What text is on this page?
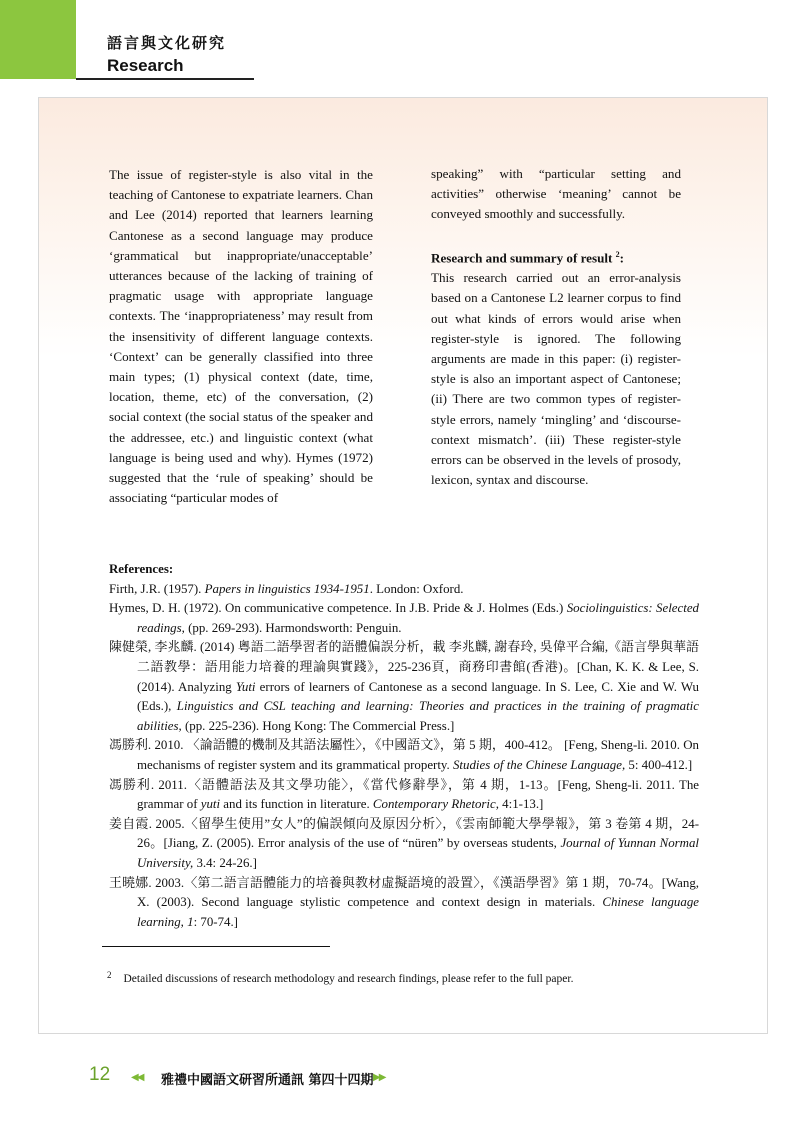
語言與文化研究
Research

The issue of register-style is also vital in the teaching of Cantonese to expatriate learners. Chan and Lee (2014) reported that learners learning Cantonese as a second language may produce ‘grammatical but inappropriate/unacceptable’ utterances because of the lacking of training of pragmatic usage with appropriate language contexts. The ‘inappropriateness’ may result from the insensitivity of different language contexts. ‘Context’ can be generally classified into three main types; (1) physical context (date, time, location, theme, etc) of the conversation, (2) social context (the social status of the speaker and the addressee, etc.) and linguistic context (what language is being used and why). Hymes (1972) suggested that the ‘rule of speaking’ should be associating “particular modes of

speaking” with “particular setting and activities” otherwise ‘meaning’ cannot be conveyed smoothly and successfully.

Research and summary of result $^2$:

This research carried out an error-analysis based on a Cantonese L2 learner corpus to find out what kinds of errors would arise when register-style is ignored. The following arguments are made in this paper: (i) register-style is also an important aspect of Cantonese; (ii) There are two common types of register-style errors, namely ‘mingling’ and ‘discourse-context mismatch’. (iii) These register-style errors can be observed in the levels of prosody, lexicon, syntax and discourse.

References:

Firth, J.R. (1957). Papers in linguistics 1934-1951. London: Oxford.

Hymes, D. H. (1972). On communicative competence. In J.B. Pride & J. Holmes (Eds.) Sociolinguistics: Selected readings, (pp. 269-293). Harmondsworth: Penguin.

陳健榮, 李兆麟. (2014) 粵語二語學習者的語體偏誤分析，載 李兆麟, 謝春玲, 吳偉平合編,《語言學與華語二語教學：語用能力培養的理論與實踐》，225-236頁，商務印書館(香港)。[Chan, K. K. & Lee, S. (2014). Analyzing Yuti errors of learners of Cantonese as a second language. In S. Lee, C. Xie and W. Wu (Eds.), Linguistics and CSL teaching and learning: Theories and practices in the training of pragmatic abilities, (pp. 225-236). Hong Kong: The Commercial Press.]

馮勝利. 2010. 〈論語體的機制及其語法屬性〉，《中國語文》，第 5 期，400-412。 [Feng, Sheng-li. 2010. On mechanisms of register system and its grammatical property. Studies of the Chinese Language, 5: 400-412.]

馮勝利. 2011.〈語體語法及其文學功能〉，《當代修辭學》，第 4 期，1-13。[Feng, Sheng-li. 2011. The grammar of yuti and its function in literature. Contemporary Rhetoric, 4:1-13.]

姜自霞. 2005.〈留學生使用”女人”的偏誤傾向及原因分析〉，《雲南師範大學學報》，第 3 卷第 4 期，24-26。[Jiang, Z. (2005). Error analysis of the use of “nüren” by overseas students, Journal of Yunnan Normal University, 3.4: 24-26.]

王曉娜. 2003.〈第二語言語體能力的培養與教材虛擬語境的設置〉，《漢語學習》第 1 期，70-74。[Wang, X. (2003). Second language stylistic competence and context design in materials. Chinese language learning, 1: 70-74.]

$^2$ Detailed discussions of research methodology and research findings, please refer to the full paper.
12 ◀◀ 雅禮中國語文研習所通訊 第四十四期 ▶▶
